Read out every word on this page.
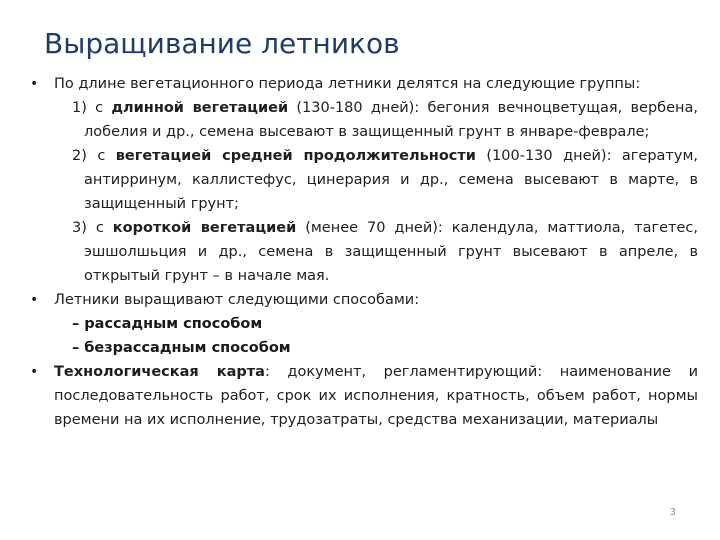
Выращивание летников
• По длине вегетационного периода летники делятся на следующие группы:
1) с длинной вегетацией (130-180 дней): бегония вечноцветущая, вербена, лобелия и др., семена высевают в защищенный грунт в январе-феврале;
2) с вегетацией средней продолжительности (100-130 дней): агератум, антирринум, каллистефус, цинерария и др., семена высевают в марте, в защищенный грунт;
3) с короткой вегетацией (менее 70 дней): календула, маттиола, тагетес, эшшолшьция и др., семена в защищенный грунт высевают в апреле, в открытый грунт – в начале мая.
• Летники выращивают следующими способами:
– рассадным способом
– безрассадным способом
• Технологическая карта: документ, регламентирующий: наименование и последовательность работ, срок их исполнения, кратность, объем работ, нормы времени на их исполнение, трудозатраты, средства механизации, материалы
3
